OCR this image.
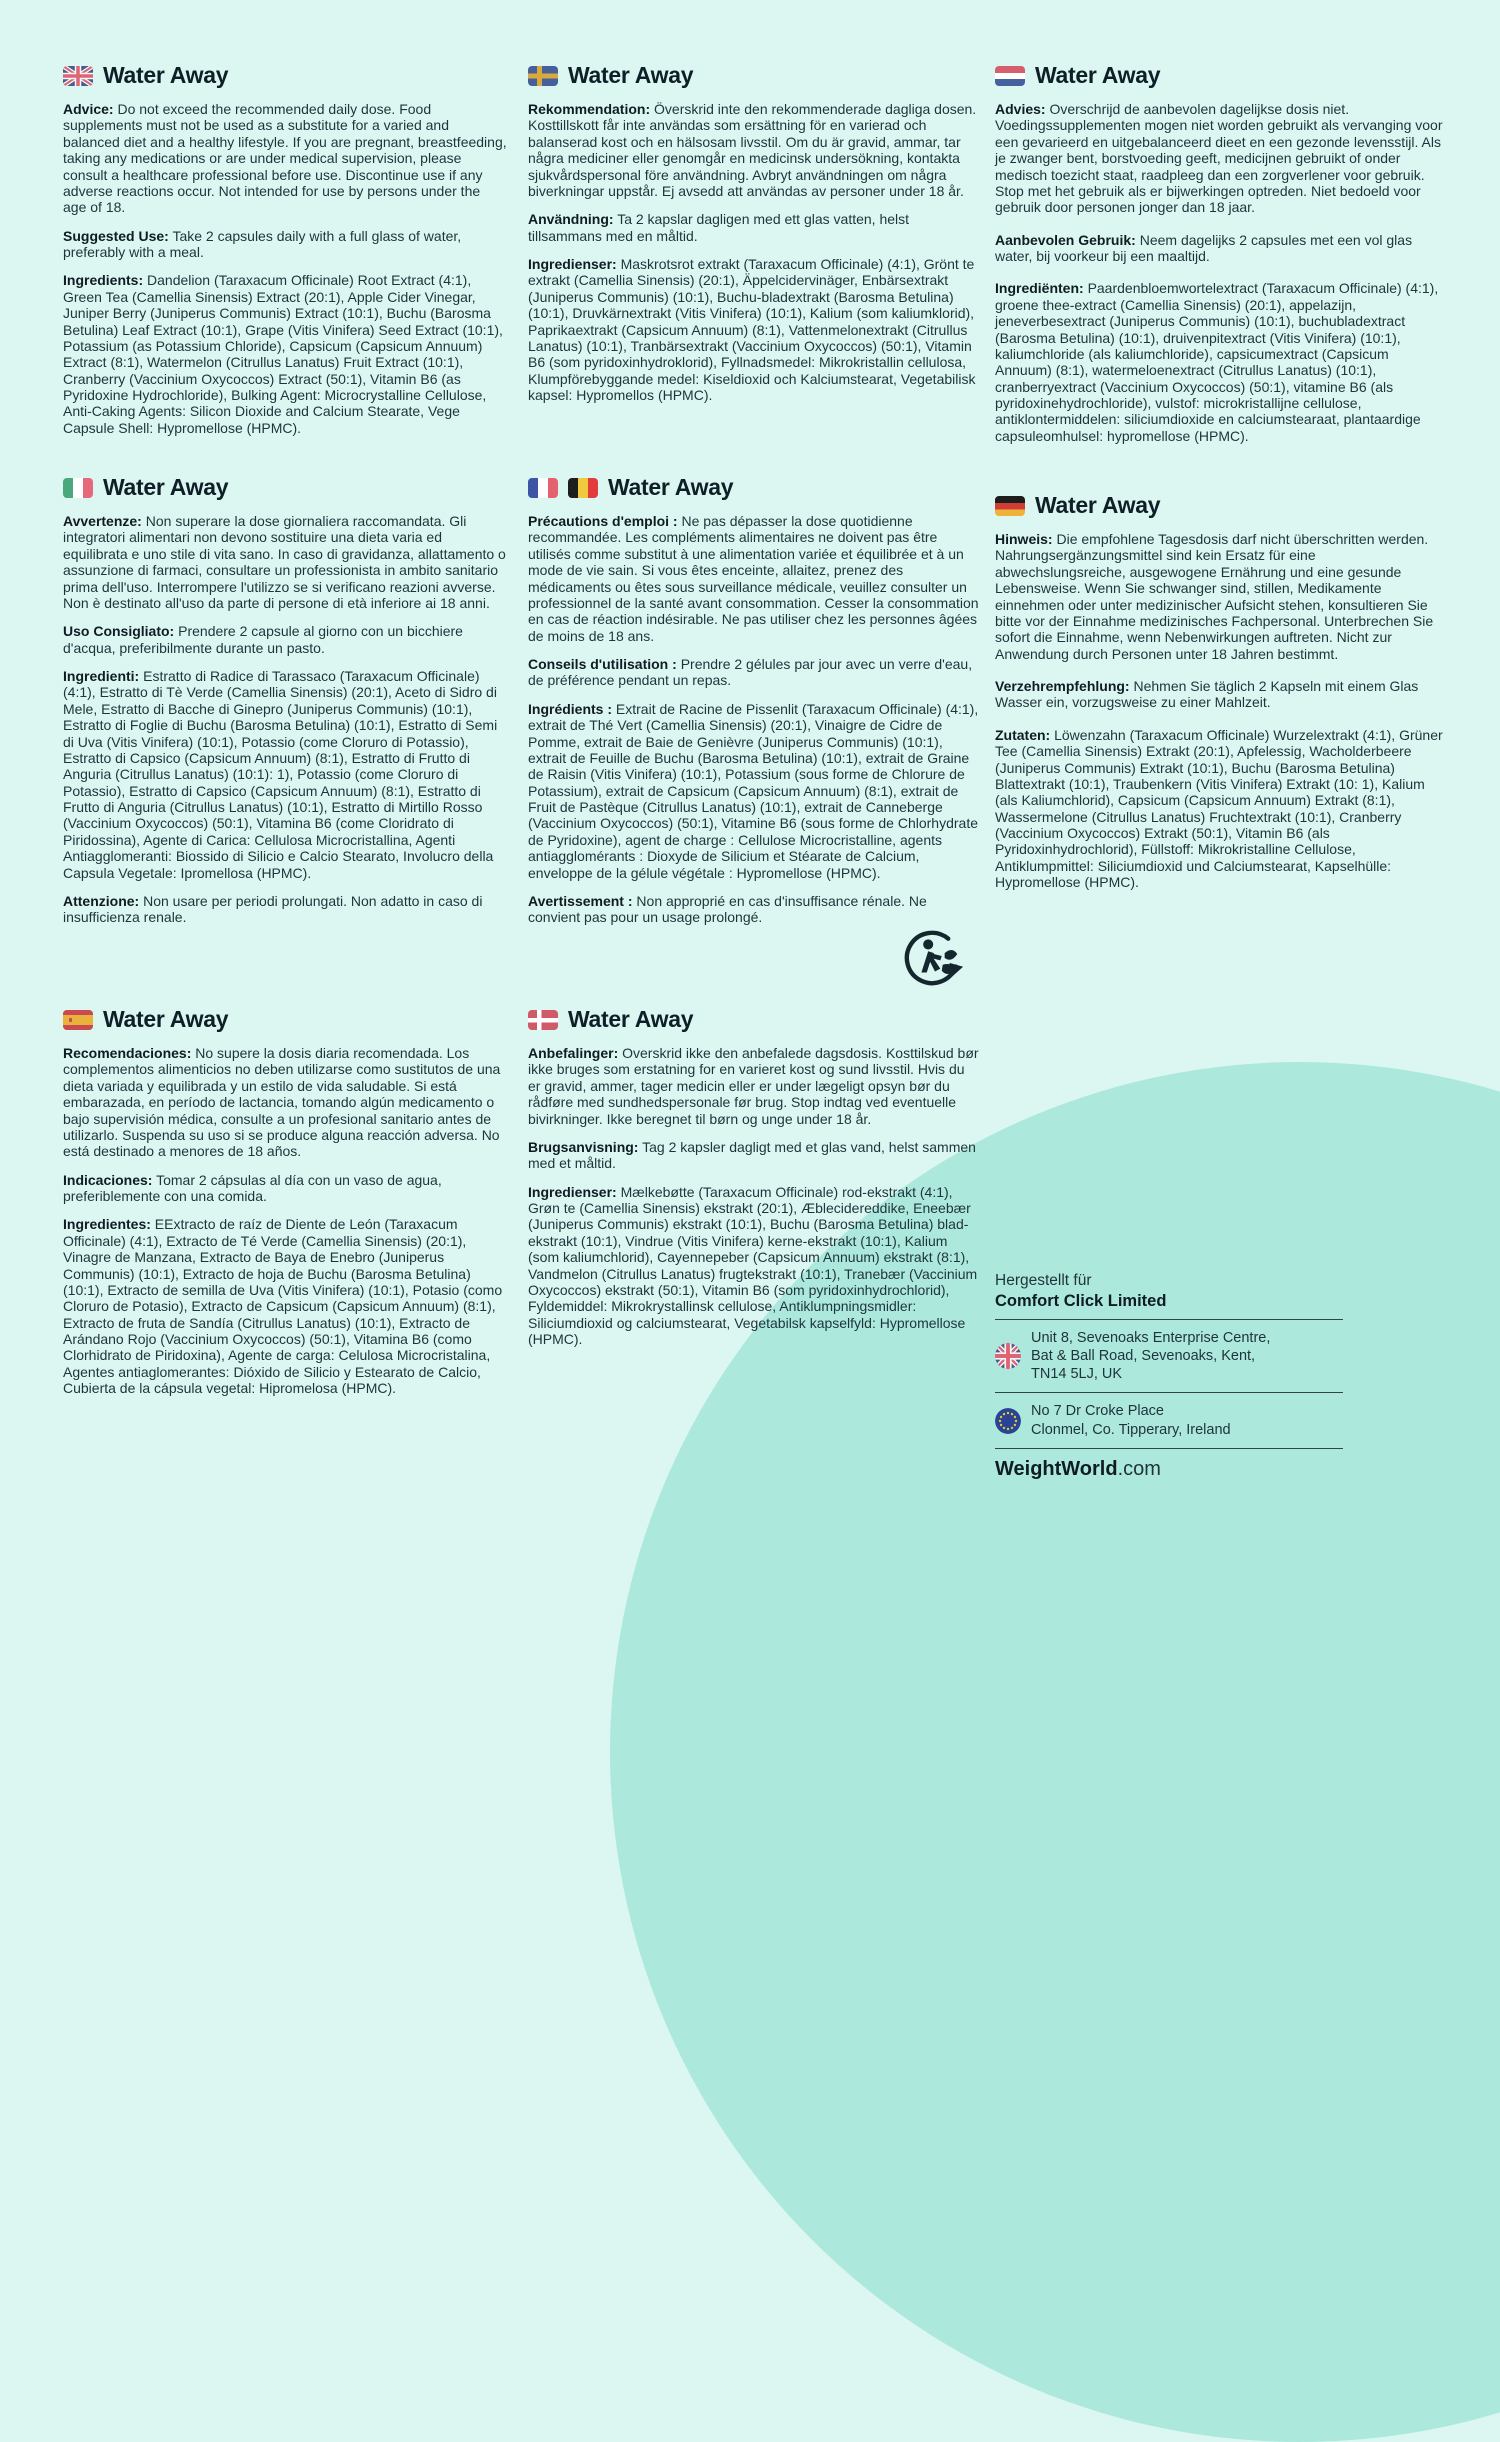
Water Away

Advice: Do not exceed the recommended daily dose. Food supplements must not be used as a substitute for a varied and balanced diet and a healthy lifestyle. If you are pregnant, breastfeeding, taking any medications or are under medical supervision, please consult a healthcare professional before use. Discontinue use if any adverse reactions occur. Not intended for use by persons under the age of 18.

Suggested Use: Take 2 capsules daily with a full glass of water, preferably with a meal.

Ingredients: Dandelion (Taraxacum Officinale) Root Extract (4:1), Green Tea (Camellia Sinensis) Extract (20:1), Apple Cider Vinegar, Juniper Berry (Juniperus Communis) Extract (10:1), Buchu (Barosma Betulina) Leaf Extract (10:1), Grape (Vitis Vinifera) Seed Extract (10:1), Potassium (as Potassium Chloride), Capsicum (Capsicum Annuum) Extract (8:1), Watermelon (Citrullus Lanatus) Fruit Extract (10:1), Cranberry (Vaccinium Oxycoccos) Extract (50:1), Vitamin B6 (as Pyridoxine Hydrochloride), Bulking Agent: Microcrystalline Cellulose, Anti-Caking Agents: Silicon Dioxide and Calcium Stearate, Vege Capsule Shell: Hypromellose (HPMC).

Water Away

Rekommendation: Överskrid inte den rekommenderade dagliga dosen. Kosttillskott får inte användas som ersättning för en varierad och balanserad kost och en hälsosam livsstil. Om du är gravid, ammar, tar några mediciner eller genomgår en medicinsk undersökning, kontakta sjukvårdspersonal före användning. Avbryt användningen om några biverkningar uppstår. Ej avsedd att användas av personer under 18 år.

Användning: Ta 2 kapslar dagligen med ett glas vatten, helst tillsammans med en måltid.

Ingredienser: Maskrotsrot extrakt (Taraxacum Officinale) (4:1), Grönt te extrakt (Camellia Sinensis) (20:1), Äppelcidervinäger, Enbärsextrakt (Juniperus Communis) (10:1), Buchu-bladextrakt (Barosma Betulina) (10:1), Druvkärnextrakt (Vitis Vinifera) (10:1), Kalium (som kaliumklorid), Paprikaextrakt (Capsicum Annuum) (8:1), Vattenmelonextrakt (Citrullus Lanatus) (10:1), Tranbärsextrakt (Vaccinium Oxycoccos) (50:1), Vitamin B6 (som pyridoxinhydroklorid), Fyllnadsmedel: Mikrokristallin cellulosa, Klumpförebyggande medel: Kiseldioxid och Kalciumstearat, Vegetabilisk kapsel: Hypromellos (HPMC).

Water Away

Advies: Overschrijd de aanbevolen dagelijkse dosis niet. Voedingssupplementen mogen niet worden gebruikt als vervanging voor een gevarieerd en uitgebalanceerd dieet en een gezonde levensstijl. Als je zwanger bent, borstvoeding geeft, medicijnen gebruikt of onder medisch toezicht staat, raadpleeg dan een zorgverlener voor gebruik. Stop met het gebruik als er bijwerkingen optreden. Niet bedoeld voor gebruik door personen jonger dan 18 jaar.

Aanbevolen Gebruik: Neem dagelijks 2 capsules met een vol glas water, bij voorkeur bij een maaltijd.

Ingrediënten: Paardenbloemwortelextract (Taraxacum Officinale) (4:1), groene thee-extract (Camellia Sinensis) (20:1), appelazijn, jeneverbesextract (Juniperus Communis) (10:1), buchubladextract (Barosma Betulina) (10:1), druivenpitextract (Vitis Vinifera) (10:1), kaliumchloride (als kaliumchloride), capsicumextract (Capsicum Annuum) (8:1), watermeloenextract (Citrullus Lanatus) (10:1), cranberryextract (Vaccinium Oxycoccos) (50:1), vitamine B6 (als pyridoxinehydrochloride), vulstof: microkristallijne cellulose, antiklontermiddelen: siliciumdioxide en calciumstearaat, plantaardige capsuleomhulsel: hypromellose (HPMC).

Water Away

Avvertenze: Non superare la dose giornaliera raccomandata. Gli integratori alimentari non devono sostituire una dieta varia ed equilibrata e uno stile di vita sano. In caso di gravidanza, allattamento o assunzione di farmaci, consultare un professionista in ambito sanitario prima dell'uso. Interrompere l'utilizzo se si verificano reazioni avverse. Non è destinato all'uso da parte di persone di età inferiore ai 18 anni.

Uso Consigliato: Prendere 2 capsule al giorno con un bicchiere d'acqua, preferibilmente durante un pasto.

Ingredienti: Estratto di Radice di Tarassaco (Taraxacum Officinale) (4:1), Estratto di Tè Verde (Camellia Sinensis) (20:1), Aceto di Sidro di Mele, Estratto di Bacche di Ginepro (Juniperus Communis) (10:1), Estratto di Foglie di Buchu (Barosma Betulina) (10:1), Estratto di Semi di Uva (Vitis Vinifera) (10:1), Potassio (come Cloruro di Potassio), Estratto di Capsico (Capsicum Annuum) (8:1), Estratto di Frutto di Anguria (Citrullus Lanatus) (10:1): 1), Potassio (come Cloruro di Potassio), Estratto di Capsico (Capsicum Annuum) (8:1), Estratto di Frutto di Anguria (Citrullus Lanatus) (10:1), Estratto di Mirtillo Rosso (Vaccinium Oxycoccos) (50:1), Vitamina B6 (come Cloridrato di Piridossina), Agente di Carica: Cellulosa Microcristallina, Agenti Antiagglomeranti: Biossido di Silicio e Calcio Stearato, Involucro della Capsula Vegetale: Ipromellosa (HPMC).

Attenzione: Non usare per periodi prolungati. Non adatto in caso di insufficienza renale.

Water Away

Précautions d'emploi : Ne pas dépasser la dose quotidienne recommandée. Les compléments alimentaires ne doivent pas être utilisés comme substitut à une alimentation variée et équilibrée et à un mode de vie sain. Si vous êtes enceinte, allaitez, prenez des médicaments ou êtes sous surveillance médicale, veuillez consulter un professionnel de la santé avant consommation. Cesser la consommation en cas de réaction indésirable. Ne pas utiliser chez les personnes âgées de moins de 18 ans.

Conseils d'utilisation : Prendre 2 gélules par jour avec un verre d'eau, de préférence pendant un repas.

Ingrédients : Extrait de Racine de Pissenlit (Taraxacum Officinale) (4:1), extrait de Thé Vert (Camellia Sinensis) (20:1), Vinaigre de Cidre de Pomme, extrait de Baie de Genièvre (Juniperus Communis) (10:1), extrait de Feuille de Buchu (Barosma Betulina) (10:1), extrait de Graine de Raisin (Vitis Vinifera) (10:1), Potassium (sous forme de Chlorure de Potassium), extrait de Capsicum (Capsicum Annuum) (8:1), extrait de Fruit de Pastèque (Citrullus Lanatus) (10:1), extrait de Canneberge (Vaccinium Oxycoccos) (50:1), Vitamine B6 (sous forme de Chlorhydrate de Pyridoxine), agent de charge : Cellulose Microcristalline, agents antiagglomérants : Dioxyde de Silicium et Stéarate de Calcium, enveloppe de la gélule végétale : Hypromellose (HPMC).

Avertissement : Non approprié en cas d'insuffisance rénale. Ne convient pas pour un usage prolongé.

Water Away

Hinweis: Die empfohlene Tagesdosis darf nicht überschritten werden. Nahrungsergänzungsmittel sind kein Ersatz für eine abwechslungsreiche, ausgewogene Ernährung und eine gesunde Lebensweise. Wenn Sie schwanger sind, stillen, Medikamente einnehmen oder unter medizinischer Aufsicht stehen, konsultieren Sie bitte vor der Einnahme medizinisches Fachpersonal. Unterbrechen Sie sofort die Einnahme, wenn Nebenwirkungen auftreten. Nicht zur Anwendung durch Personen unter 18 Jahren bestimmt.

Verzehrempfehlung: Nehmen Sie täglich 2 Kapseln mit einem Glas Wasser ein, vorzugsweise zu einer Mahlzeit.

Zutaten: Löwenzahn (Taraxacum Officinale) Wurzelextrakt (4:1), Grüner Tee (Camellia Sinensis) Extrakt (20:1), Apfelessig, Wacholderbeere (Juniperus Communis) Extrakt (10:1), Buchu (Barosma Betulina) Blattextrakt (10:1), Traubenkern (Vitis Vinifera) Extrakt (10: 1), Kalium (als Kaliumchlorid), Capsicum (Capsicum Annuum) Extrakt (8:1), Wassermelone (Citrullus Lanatus) Fruchtextrakt (10:1), Cranberry (Vaccinium Oxycoccos) Extrakt (50:1), Vitamin B6 (als Pyridoxinhydrochlorid), Füllstoff: Mikrokristalline Cellulose, Antiklumpmittel: Siliciumdioxid und Calciumstearat, Kapselhülle: Hypromellose (HPMC).

Water Away

Recomendaciones: No supere la dosis diaria recomendada. Los complementos alimenticios no deben utilizarse como sustitutos de una dieta variada y equilibrada y un estilo de vida saludable. Si está embarazada, en período de lactancia, tomando algún medicamento o bajo supervisión médica, consulte a un profesional sanitario antes de utilizarlo. Suspenda su uso si se produce alguna reacción adversa. No está destinado a menores de 18 años.

Indicaciones: Tomar 2 cápsulas al día con un vaso de agua, preferiblemente con una comida.

Ingredientes: EExtracto de raíz de Diente de León (Taraxacum Officinale) (4:1), Extracto de Té Verde (Camellia Sinensis) (20:1), Vinagre de Manzana, Extracto de Baya de Enebro (Juniperus Communis) (10:1), Extracto de hoja de Buchu (Barosma Betulina) (10:1), Extracto de semilla de Uva (Vitis Vinifera) (10:1), Potasio (como Cloruro de Potasio), Extracto de Capsicum (Capsicum Annuum) (8:1), Extracto de fruta de Sandía (Citrullus Lanatus) (10:1), Extracto de Arándano Rojo (Vaccinium Oxycoccos) (50:1), Vitamina B6 (como Clorhidrato de Piridoxina), Agente de carga: Celulosa Microcristalina, Agentes antiaglomerantes: Dióxido de Silicio y Estearato de Calcio, Cubierta de la cápsula vegetal: Hipromelosa (HPMC).

Water Away

Anbefalinger: Overskrid ikke den anbefalede dagsdosis. Kosttilskud bør ikke bruges som erstatning for en varieret kost og sund livsstil. Hvis du er gravid, ammer, tager medicin eller er under lægeligt opsyn bør du rådføre med sundhedspersonale før brug. Stop indtag ved eventuelle bivirkninger. Ikke beregnet til børn og unge under 18 år.

Brugsanvisning: Tag 2 kapsler dagligt med et glas vand, helst sammen med et måltid.

Ingredienser: Mælkebøtte (Taraxacum Officinale) rod-ekstrakt (4:1), Grøn te (Camellia Sinensis) ekstrakt (20:1), Æblecidereddike, Eneebær (Juniperus Communis) ekstrakt (10:1), Buchu (Barosma Betulina) blad-ekstrakt (10:1), Vindrue (Vitis Vinifera) kerne-ekstrakt (10:1), Kalium (som kaliumchlorid), Cayennepeber (Capsicum Annuum) ekstrakt (8:1), Vandmelon (Citrullus Lanatus) frugtekstrakt (10:1), Tranebær (Vaccinium Oxycoccos) ekstrakt (50:1), Vitamin B6 (som pyridoxinhydrochlorid), Fyldemiddel: Mikrokrystallinsk cellulose, Antiklumpningsmidler: Siliciumdioxid og calciumstearat, Vegetabilsk kapselfyld: Hypromellose (HPMC).

Hergestellt für
Comfort Click Limited
Unit 8, Sevenoaks Enterprise Centre,
Bat & Ball Road, Sevenoaks, Kent,
TN14 5LJ, UK
No 7 Dr Croke Place
Clonmel, Co. Tipperary, Ireland
WeightWorld.com
